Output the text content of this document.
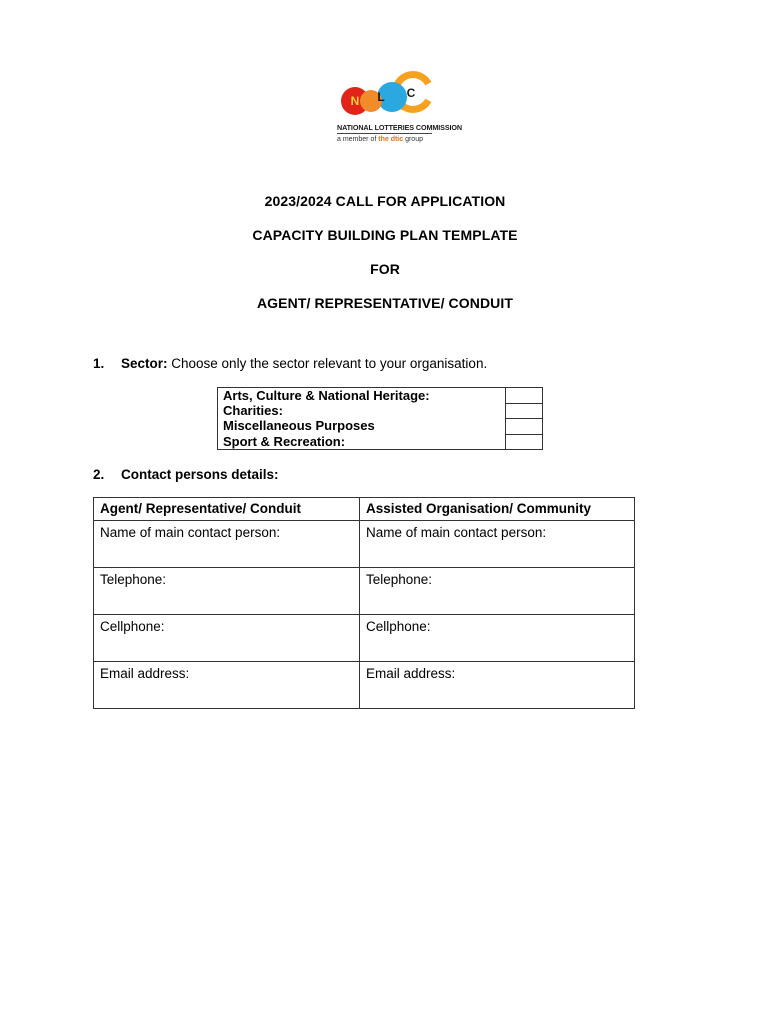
N L C
NATIONAL LOTTERIES COMMISSION
a member of the dtic group
2023/2024 CALL FOR APPLICATION
CAPACITY BUILDING PLAN TEMPLATE
FOR
AGENT/ REPRESENTATIVE/ CONDUIT
1. Sector: Choose only the sector relevant to your organisation.
Arts, Culture & National Heritage:	
Charities:	
Miscellaneous Purposes	
Sport & Recreation:	
2. Contact persons details:
Agent/ Representative/ Conduit	Assisted Organisation/ Community
Name of main contact person:	Name of main contact person:
Telephone:	Telephone:
Cellphone:	Cellphone:
Email address:	Email address:
